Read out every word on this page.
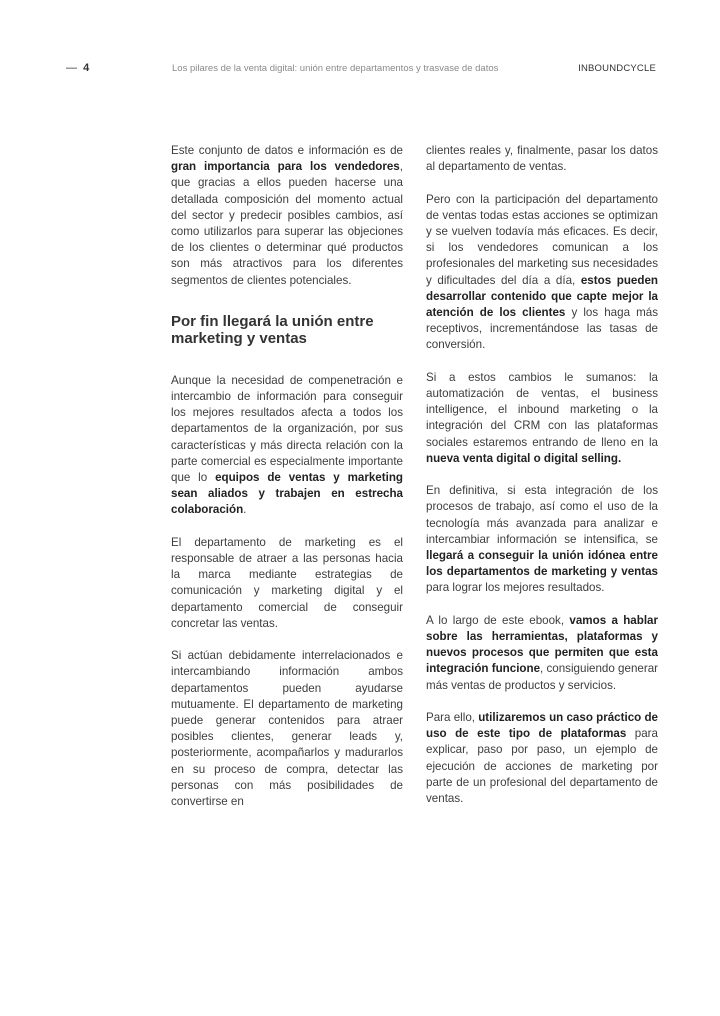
— 4	Los pilares de la venta digital: unión entre departamentos y trasvase de datos	INBOUNDCYCLE

Este conjunto de datos e información es de gran importancia para los vendedores, que gracias a ellos pueden hacerse una detallada composición del momento actual del sector y predecir posibles cambios, así como utilizarlos para superar las objeciones de los clientes o determinar qué productos son más atractivos para los diferentes segmentos de clientes potenciales.

Por fin llegará la unión entre marketing y ventas

Aunque la necesidad de compenetración e intercambio de información para conseguir los mejores resultados afecta a todos los departamentos de la organización, por sus características y más directa relación con la parte comercial es especialmente importante que lo equipos de ventas y marketing sean aliados y trabajen en estrecha colaboración.

El departamento de marketing es el responsable de atraer a las personas hacia la marca mediante estrategias de comunicación y marketing digital y el departamento comercial de conseguir concretar las ventas.

Si actúan debidamente interrelacionados e intercambiando información ambos departamentos pueden ayudarse mutuamente. El departamento de marketing puede generar contenidos para atraer posibles clientes, generar leads y, posteriormente, acompañarlos y madurarlos en su proceso de compra, detectar las personas con más posibilidades de convertirse en

clientes reales y, finalmente, pasar los datos al departamento de ventas.

Pero con la participación del departamento de ventas todas estas acciones se optimizan y se vuelven todavía más eficaces. Es decir, si los vendedores comunican a los profesionales del marketing sus necesidades y dificultades del día a día, estos pueden desarrollar contenido que capte mejor la atención de los clientes y los haga más receptivos, incrementándose las tasas de conversión.

Si a estos cambios le sumanos: la automatización de ventas, el business intelligence, el inbound marketing o la integración del CRM con las plataformas sociales estaremos entrando de lleno en la nueva venta digital o digital selling.

En definitiva, si esta integración de los procesos de trabajo, así como el uso de la tecnología más avanzada para analizar e intercambiar información se intensifica, se llegará a conseguir la unión idónea entre los departamentos de marketing y ventas para lograr los mejores resultados.

A lo largo de este ebook, vamos a hablar sobre las herramientas, plataformas y nuevos procesos que permiten que esta integración funcione, consiguiendo generar más ventas de productos y servicios.

Para ello, utilizaremos un caso práctico de uso de este tipo de plataformas para explicar, paso por paso, un ejemplo de ejecución de acciones de marketing por parte de un profesional del departamento de ventas.
